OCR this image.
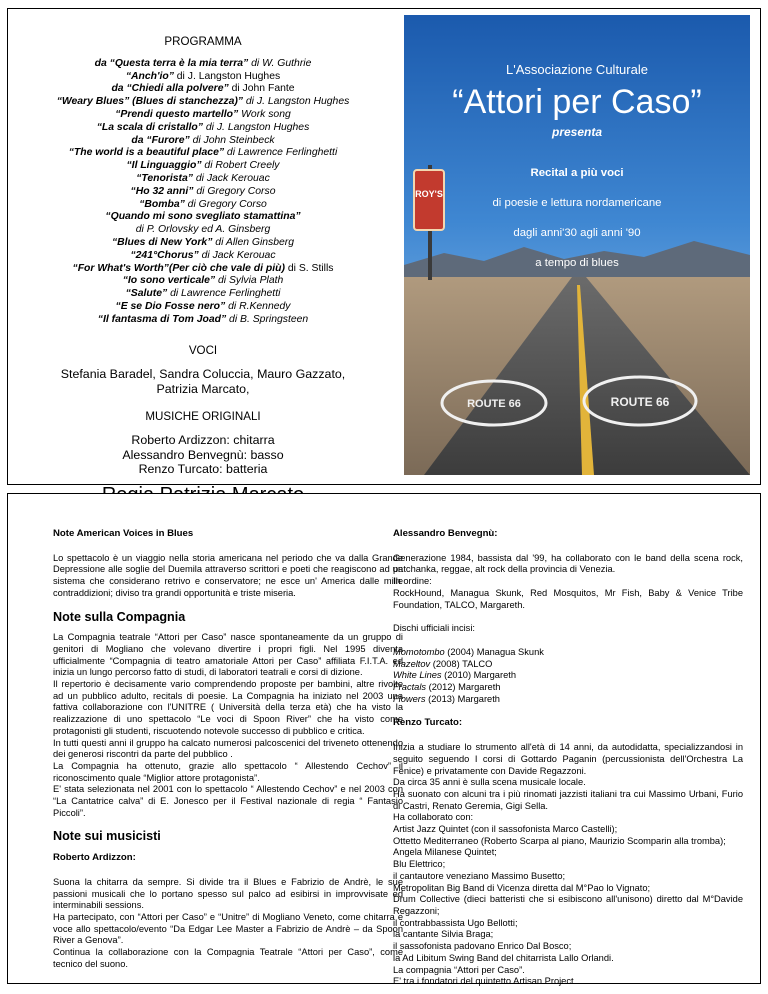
PROGRAMMA
da “Questa terra è la mia terra” di W. Guthrie
“Anch'io” di J. Langston Hughes
da “Chiedi alla polvere” di John Fante
“Weary Blues” (Blues di stanchezza)” di J. Langston Hughes
“Prendi questo martello” Work song
“La scala di cristallo” di J. Langston Hughes
da “Furore” di John Steinbeck
“The world is a beautiful place” di Lawrence Ferlinghetti
“Il Linguaggio” di Robert Creely
“Tenorista” di Jack Kerouac
“Ho 32 anni” di Gregory Corso
“Bomba” di Gregory Corso
“Quando mi sono svegliato stamattina”
di P. Orlovsky ed A. Ginsberg
“Blues di New York” di Allen Ginsberg
“241°Chorus” di Jack Kerouac
“For What's Worth”(Per ciò che vale di più) di S. Stills
“Io sono verticale” di Sylvia Plath
“Salute” di Lawrence Ferlinghetti
“E se Dio Fosse nero” di R.Kennedy
“Il fantasma di Tom Joad” di B. Springsteen
VOCI
Stefania Baradel, Sandra Coluccia, Mauro Gazzato,
Patrizia Marcato,
MUSICHE ORIGINALI
Roberto Ardizzon: chitarra
Alessandro Benvegnù: basso
Renzo Turcato: batteria
ROY'S
ROUTE 66	ROUTE 66
L'Associazione Culturale
“Attori per Caso”
presenta
Recital a più voci
di poesie e lettura nordamericane
dagli anni'30 agli anni '90
a tempo di blues
Note American Voices in Blues

Lo spettacolo è un viaggio nella storia americana nel periodo che va dalla Grande Depressione alle soglie del Duemila attraverso scrittori e poeti che reagiscono ad un sistema che considerano retrivo e conservatore; ne esce un' America dalle mille contraddizioni; diviso tra grandi opportunità e triste miseria.

Note sulla Compagnia
La Compagnia teatrale “Attori per Caso” nasce spontaneamente da un gruppo di genitori di Mogliano che volevano divertire i propri figli. Nel 1995 diventa ufficialmente “Compagnia di teatro amatoriale Attori per Caso” affiliata F.I.T.A. ed inizia un lungo percorso fatto di studi, di laboratori teatrali e corsi di dizione.
Il repertorio è decisamente vario comprendendo proposte per bambini, altre rivolte ad un pubblico adulto, recitals di poesie. La Compagnia ha iniziato nel 2003 una fattiva collaborazione con l'UNITRE ( Università della terza età) che ha visto la realizzazione di uno spettacolo “Le voci di Spoon River” che ha visto come protagonisti gli studenti, riscuotendo notevole successo di pubblico e critica.
In tutti questi anni il gruppo ha calcato numerosi palcoscenici del triveneto ottenendo dei generosi riscontri da parte del pubblico .
La Compagnia ha ottenuto, grazie allo spettacolo “ Allestendo Cechov” il riconoscimento quale “Miglior attore protagonista”.
E' stata selezionata nel 2001 con lo spettacolo “ Allestendo Cechov” e nel 2003 con “La Cantatrice calva” di E. Jonesco per il Festival nazionale di regia “ Fantasio Piccoli”.
Note sui musicisti
Roberto Ardizzon:
Suona la chitarra da sempre. Si divide tra il Blues e Fabrizio de Andrè, le sue passioni musicali che lo portano spesso sul palco ad esibirsi in improvvisate ed interminabili sessions.
Ha partecipato, con “Attori per Caso” e “Unitre” di Mogliano Veneto, come chitarra e voce allo spettacolo/evento “Da Edgar Lee Master a Fabrizio de Andrè – da Spoon River a Genova”.
Continua la collaborazione con la Compagnia Teatrale “Attori per Caso”, come tecnico del suono.
Alessandro Benvegnù:
Generazione 1984, bassista dal '99, ha collaborato con le band della scena rock, patchanka, reggae, alt rock della provincia di Venezia.
In ordine:
RockHound, Managua Skunk, Red Mosquitos, Mr Fish, Baby & Venice Tribe Foundation, TALCO, Margareth.

Dischi ufficiali incisi:

Momotombo (2004) Managua Skunk
Mazeltov (2008) TALCO
White Lines (2010) Margareth
Fractals (2012) Margareth
Flowers (2013) Margareth
Renzo Turcato:
Inizia a studiare lo strumento all'età di 14 anni, da autodidatta, specializzandosi in seguito seguendo I corsi di Gottardo Paganin (percussionista dell'Orchestra La Fenice) e privatamente con Davide Regazzoni.
Da circa 35 anni è sulla scena musicale locale.
Ha suonato con alcuni tra i più rinomati jazzisti italiani tra cui Massimo Urbani, Furio di Castri, Renato Geremia, Gigi Sella.
Ha collaborato con:
Artist Jazz Quintet (con il sassofonista Marco Castelli);
Ottetto Mediterraneo (Roberto Scarpa al piano, Maurizio Scomparin alla tromba);
Angela Milanese Quintet;
Blu Elettrico;
il cantautore veneziano Massimo Busetto;
Metropolitan Big Band di Vicenza diretta dal M°Pao lo Vignato;
Drum Collective (dieci batteristi che si esibiscono all'unisono) diretto dal M°Davide Regazzoni;
il contrabbassista Ugo Bellotti;
la cantante Silvia Braga;
il sassofonista padovano Enrico Dal Bosco;
la Ad Libitum Swing Band del chitarrista Lallo Orlandi.
La compagnia “Attori per Caso”.
E' tra i fondatori del quintetto Artisan Project
